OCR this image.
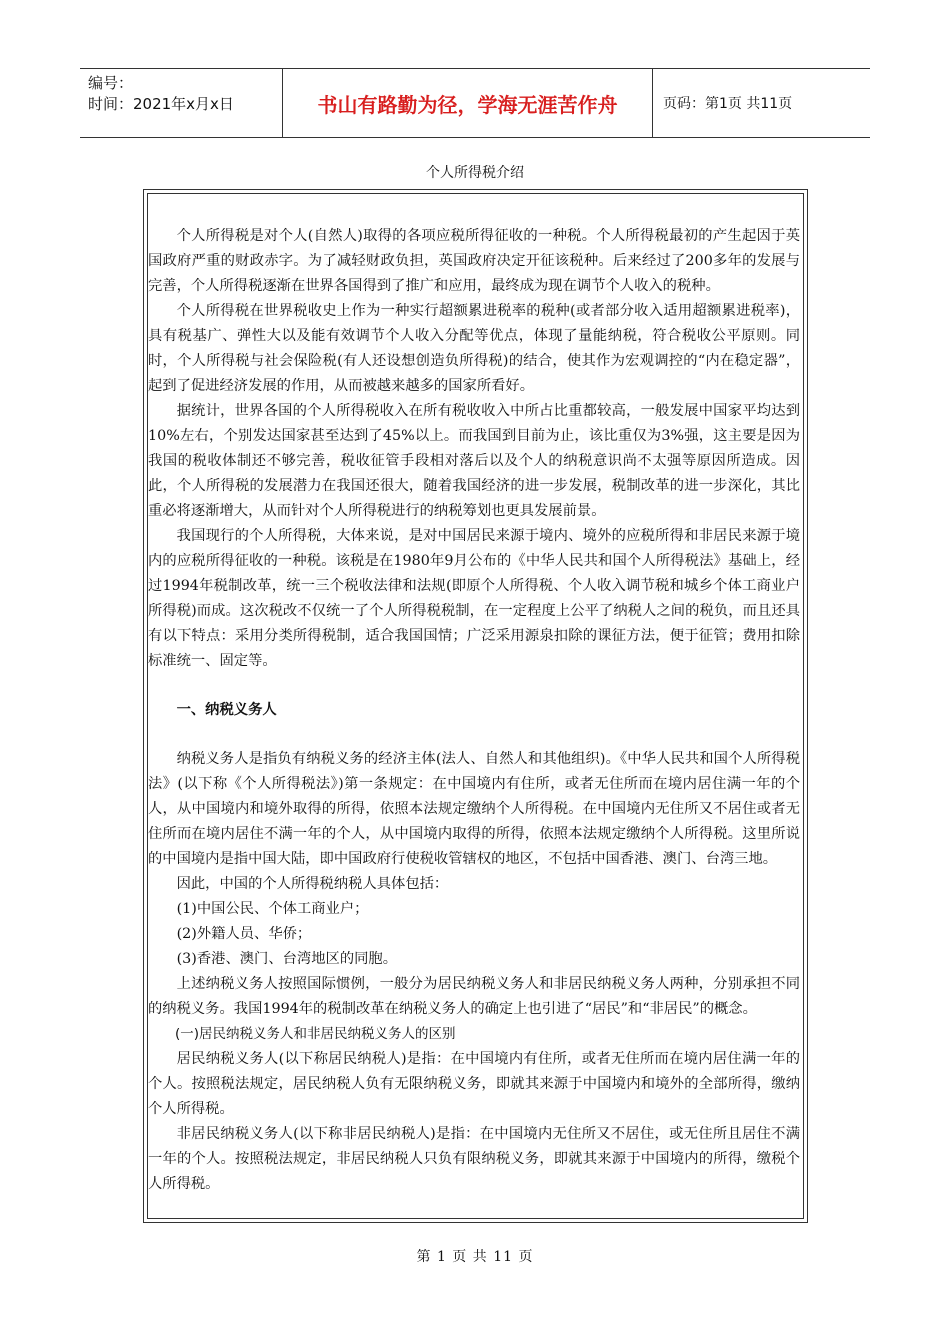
编号：
时间：2021年x月x日	书山有路勤为径，学海无涯苦作舟	页码：第1页 共11页
个人所得税介绍

个人所得税是对个人(自然人)取得的各项应税所得征收的一种税。个人所得税最初的产生起因于英国政府严重的财政赤字。为了减轻财政负担，英国政府决定开征该税种。后来经过了200多年的发展与完善，个人所得税逐渐在世界各国得到了推广和应用，最终成为现在调节个人收入的税种。

个人所得税在世界税收史上作为一种实行超额累进税率的税种(或者部分收入适用超额累进税率)，具有税基广、弹性大以及能有效调节个人收入分配等优点，体现了量能纳税，符合税收公平原则。同时，个人所得税与社会保险税(有人还设想创造负所得税)的结合，使其作为宏观调控的“内在稳定器”，起到了促进经济发展的作用，从而被越来越多的国家所看好。

据统计，世界各国的个人所得税收入在所有税收收入中所占比重都较高，一般发展中国家平均达到10%左右，个别发达国家甚至达到了45%以上。而我国到目前为止，该比重仅为3%强，这主要是因为我国的税收体制还不够完善，税收征管手段相对落后以及个人的纳税意识尚不太强等原因所造成。因此，个人所得税的发展潜力在我国还很大，随着我国经济的进一步发展，税制改革的进一步深化，其比重必将逐渐增大，从而针对个人所得税进行的纳税筹划也更具发展前景。

我国现行的个人所得税，大体来说，是对中国居民来源于境内、境外的应税所得和非居民来源于境内的应税所得征收的一种税。该税是在1980年9月公布的《中华人民共和国个人所得税法》基础上，经过1994年税制改革，统一三个税收法律和法规(即原个人所得税、个人收入调节税和城乡个体工商业户所得税)而成。这次税改不仅统一了个人所得税税制，在一定程度上公平了纳税人之间的税负，而且还具有以下特点：采用分类所得税制，适合我国国情；广泛采用源泉扣除的课征方法，便于征管；费用扣除标准统一、固定等。

一、纳税义务人

纳税义务人是指负有纳税义务的经济主体(法人、自然人和其他组织)。《中华人民共和国个人所得税法》(以下称《个人所得税法》)第一条规定：在中国境内有住所，或者无住所而在境内居住满一年的个人，从中国境内和境外取得的所得，依照本法规定缴纳个人所得税。在中国境内无住所又不居住或者无住所而在境内居住不满一年的个人，从中国境内取得的所得，依照本法规定缴纳个人所得税。这里所说的中国境内是指中国大陆，即中国政府行使税收管辖权的地区，不包括中国香港、澳门、台湾三地。

因此，中国的个人所得税纳税人具体包括：

(1)中国公民、个体工商业户；

(2)外籍人员、华侨；

(3)香港、澳门、台湾地区的同胞。

上述纳税义务人按照国际惯例，一般分为居民纳税义务人和非居民纳税义务人两种，分别承担不同的纳税义务。我国1994年的税制改革在纳税义务人的确定上也引进了“居民”和“非居民”的概念。

(一)居民纳税义务人和非居民纳税义务人的区别

居民纳税义务人(以下称居民纳税人)是指：在中国境内有住所，或者无住所而在境内居住满一年的个人。按照税法规定，居民纳税人负有无限纳税义务，即就其来源于中国境内和境外的全部所得，缴纳个人所得税。

非居民纳税义务人(以下称非居民纳税人)是指：在中国境内无住所又不居住，或无住所且居住不满一年的个人。按照税法规定，非居民纳税人只负有限纳税义务，即就其来源于中国境内的所得，缴税个人所得税。

第 1 页 共 11 页
